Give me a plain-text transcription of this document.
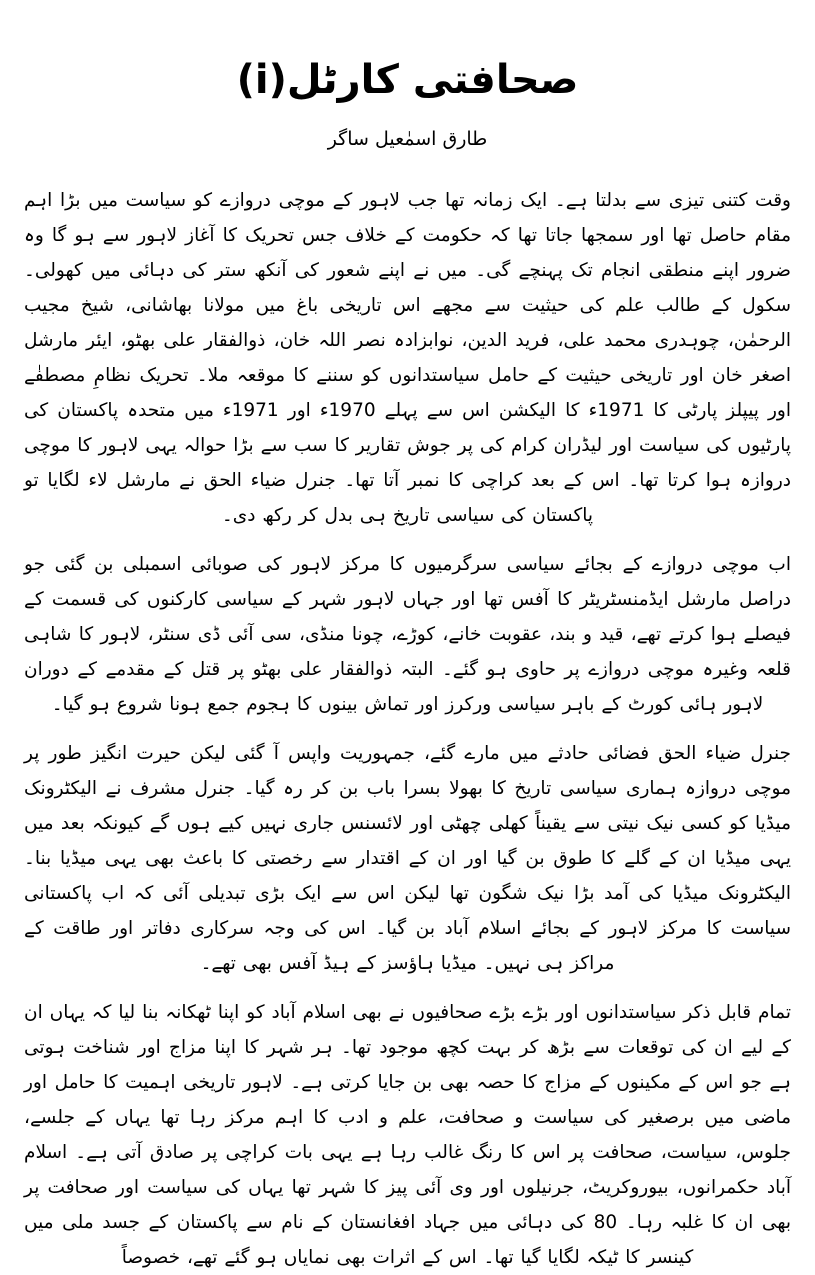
صحافتی کارٹل(i)
طارق اسمٰعیل ساگر

وقت کتنی تیزی سے بدلتا ہے۔ ایک زمانہ تھا جب لاہور کے موچی دروازے کو سیاست میں بڑا اہم مقام حاصل تھا اور سمجھا جاتا تھا کہ حکومت کے خلاف جس تحریک کا آغاز لاہور سے ہو گا وہ ضرور اپنے منطقی انجام تک پہنچے گی۔ میں نے اپنے شعور کی آنکھ ستر کی دہائی میں کھولی۔ سکول کے طالب علم کی حیثیت سے مجھے اس تاریخی باغ میں مولانا بھاشانی، شیخ مجیب الرحمٰن، چوہدری محمد علی، فرید الدین، نوابزادہ نصر اللہ خان، ذوالفقار علی بھٹو، ایئر مارشل اصغر خان اور تاریخی حیثیت کے حامل سیاستدانوں کو سننے کا موقعہ ملا۔ تحریک نظامِ مصطفٰے اور پیپلز پارٹی کا 1971ء کا الیکشن اس سے پہلے 1970ء اور 1971ء میں متحدہ پاکستان کی پارٹیوں کی سیاست اور لیڈران کرام کی پر جوش تقاریر کا سب سے بڑا حوالہ یہی لاہور کا موچی دروازہ ہوا کرتا تھا۔ اس کے بعد کراچی کا نمبر آتا تھا۔ جنرل ضیاء الحق نے مارشل لاء لگایا تو پاکستان کی سیاسی تاریخ ہی بدل کر رکھ دی۔

اب موچی دروازے کے بجائے سیاسی سرگرمیوں کا مرکز لاہور کی صوبائی اسمبلی بن گئی جو دراصل مارشل ایڈمنسٹریٹر کا آفس تھا اور جہاں لاہور شہر کے سیاسی کارکنوں کی قسمت کے فیصلے ہوا کرتے تھے، قید و بند، عقوبت خانے، کوڑے، چونا منڈی، سی آئی ڈی سنٹر، لاہور کا شاہی قلعہ وغیرہ موچی دروازے پر حاوی ہو گئے۔ البتہ ذوالفقار علی بھٹو پر قتل کے مقدمے کے دوران لاہور ہائی کورٹ کے باہر سیاسی ورکرز اور تماش بینوں کا ہجوم جمع ہونا شروع ہو گیا۔

جنرل ضیاء الحق فضائی حادثے میں مارے گئے، جمہوریت واپس آ گئی لیکن حیرت انگیز طور پر موچی دروازہ ہماری سیاسی تاریخ کا بھولا بسرا باب بن کر رہ گیا۔ جنرل مشرف نے الیکٹرونک میڈیا کو کسی نیک نیتی سے یقیناً کھلی چھٹی اور لائسنس جاری نہیں کیے ہوں گے کیونکہ بعد میں یہی میڈیا ان کے گلے کا طوق بن گیا اور ان کے اقتدار سے رخصتی کا باعث بھی یہی میڈیا بنا۔ الیکٹرونک میڈیا کی آمد بڑا نیک شگون تھا لیکن اس سے ایک بڑی تبدیلی آئی کہ اب پاکستانی سیاست کا مرکز لاہور کے بجائے اسلام آباد بن گیا۔ اس کی وجہ سرکاری دفاتر اور طاقت کے مراکز ہی نہیں۔ میڈیا ہاؤسز کے ہیڈ آفس بھی تھے۔

تمام قابل ذکر سیاستدانوں اور بڑے بڑے صحافیوں نے بھی اسلام آباد کو اپنا ٹھکانہ بنا لیا کہ یہاں ان کے لیے ان کی توقعات سے بڑھ کر بہت کچھ موجود تھا۔ ہر شہر کا اپنا مزاج اور شناخت ہوتی ہے جو اس کے مکینوں کے مزاج کا حصہ بھی بن جایا کرتی ہے۔ لاہور تاریخی اہمیت کا حامل اور ماضی میں برصغیر کی سیاست و صحافت، علم و ادب کا اہم مرکز رہا تھا یہاں کے جلسے، جلوس، سیاست، صحافت پر اس کا رنگ غالب رہا ہے یہی بات کراچی پر صادق آتی ہے۔ اسلام آباد حکمرانوں، بیوروکریٹ، جرنیلوں اور وی آئی پیز کا شہر تھا یہاں کی سیاست اور صحافت پر بھی ان کا غلبہ رہا۔ 80 کی دہائی میں جہاد افغانستان کے نام سے پاکستان کے جسد ملی میں کینسر کا ٹیکہ لگایا گیا تھا۔ اس کے اثرات بھی نمایاں ہو گئے تھے، خصوصاً
